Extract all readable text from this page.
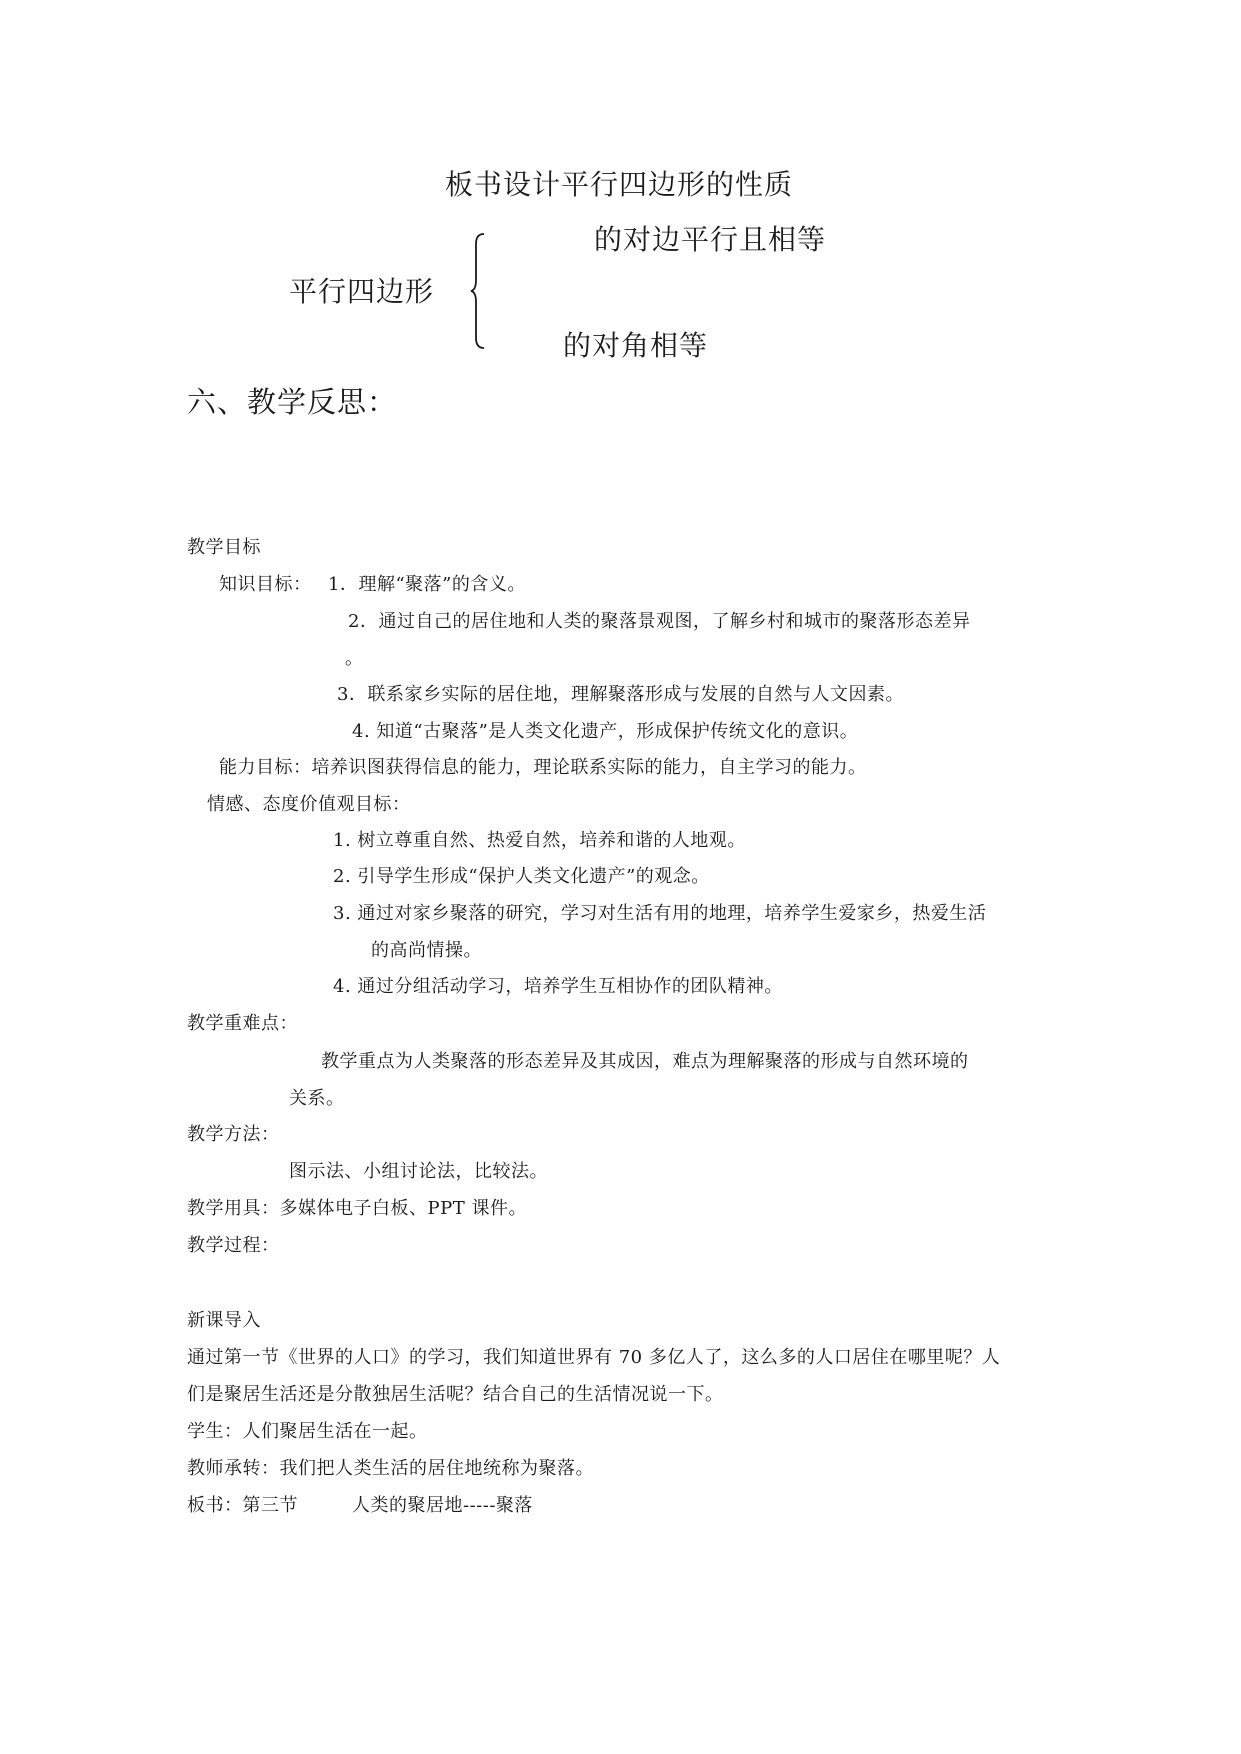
板书设计平行四边形的性质
的对边平行且相等
平行四边形
的对角相等
六、教学反思：
教学目标
知识目标： 1．理解“聚落”的含义。
2．通过自己的居住地和人类的聚落景观图，了解乡村和城市的聚落形态差异
。
3．联系家乡实际的居住地，理解聚落形成与发展的自然与人文因素。
4. 知道“古聚落”是人类文化遗产，形成保护传统文化的意识。
能力目标：培养识图获得信息的能力，理论联系实际的能力，自主学习的能力。
情感、态度价值观目标：
1. 树立尊重自然、热爱自然，培养和谐的人地观。
2. 引导学生形成“保护人类文化遗产”的观念。
3. 通过对家乡聚落的研究，学习对生活有用的地理，培养学生爱家乡，热爱生活
的高尚情操。
4. 通过分组活动学习，培养学生互相协作的团队精神。
教学重难点：
教学重点为人类聚落的形态差异及其成因，难点为理解聚落的形成与自然环境的
关系。
教学方法：
图示法、小组讨论法，比较法。
教学用具：多媒体电子白板、PPT 课件。
教学过程：
新课导入
通过第一节《世界的人口》的学习，我们知道世界有 70 多亿人了，这么多的人口居住在哪里呢？人
们是聚居生活还是分散独居生活呢？结合自己的生活情况说一下。
学生：人们聚居生活在一起。
教师承转：我们把人类生活的居住地统称为聚落。
板书：第三节	人类的聚居地-----聚落
